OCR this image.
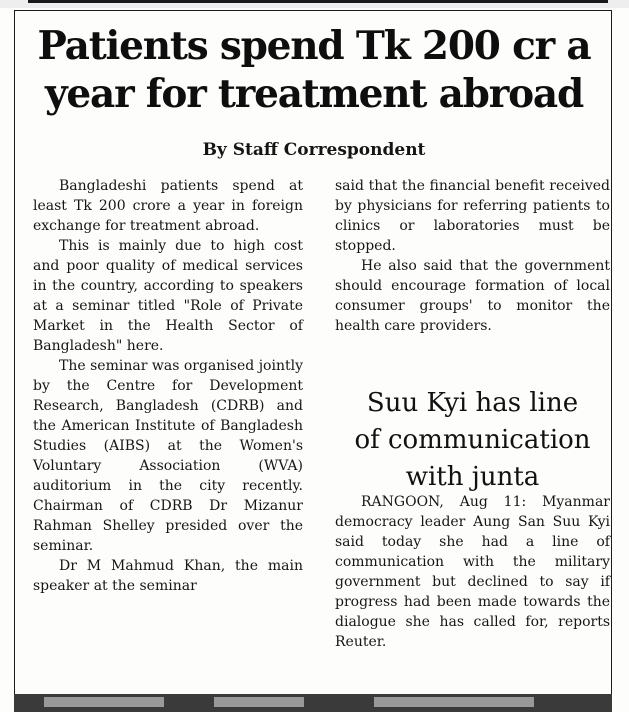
Patients spend Tk 200 cr a
year for treatment abroad
By Staff Correspondent

Bangladeshi patients spend at least Tk 200 crore a year in foreign exchange for treatment abroad.

This is mainly due to high cost and poor quality of medical services in the country, according to speakers at a seminar titled "Role of Private Market in the Health Sector of Bangladesh" here.

The seminar was organised jointly by the Centre for Development Research, Bangladesh (CDRB) and the American Institute of Bangladesh Studies (AIBS) at the Women's Voluntary Association (WVA) auditorium in the city recently. Chairman of CDRB Dr Mizanur Rahman Shelley presided over the seminar.

Dr M Mahmud Khan, the main speaker at the seminar

said that the financial benefit received by physicians for referring patients to clinics or laboratories must be stopped.

He also said that the government should encourage formation of local consumer groups' to monitor the health care providers.

Suu Kyi has line
of communication
with junta

RANGOON, Aug 11: Myanmar democracy leader Aung San Suu Kyi said today she had a line of communication with the military government but declined to say if progress had been made towards the dialogue she has called for, reports Reuter.
